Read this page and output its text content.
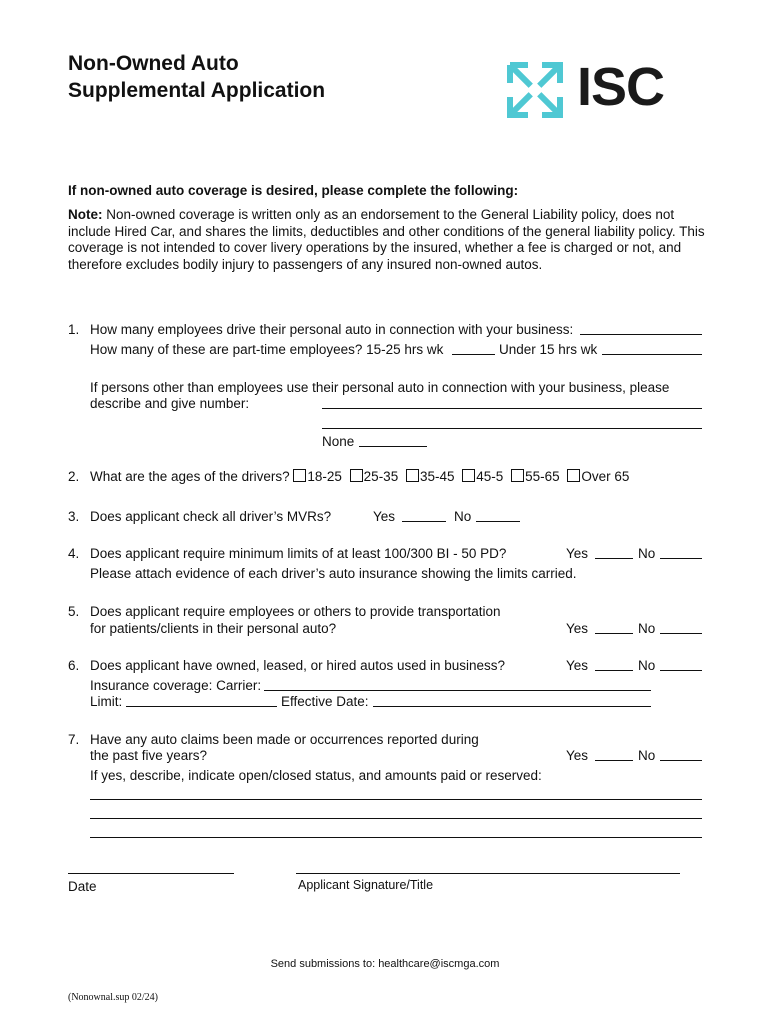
Non-Owned Auto
Supplemental Application	ISC
If non-owned auto coverage is desired, please complete the following:
Note: Non-owned coverage is written only as an endorsement to the General Liability policy, does not include Hired Car, and shares the limits, deductibles and other conditions of the general liability policy. This coverage is not intended to cover livery operations by the insured, whether a fee is charged or not, and therefore excludes bodily injury to passengers of any insured non-owned autos.
1. How many employees drive their personal auto in connection with your business:
How many of these are part-time employees? 15-25 hrs wk	Under 15 hrs wk
If persons other than employees use their personal auto in connection with your business, please
describe and give number:
None
2. What are the ages of the drivers? 18-25 25-35 35-45 45-5 55-65 Over 65
3. Does applicant check all driver’s MVRs?	Yes	No
4. Does applicant require minimum limits of at least 100/300 BI - 50 PD?	Yes	No
Please attach evidence of each driver’s auto insurance showing the limits carried.
5. Does applicant require employees or others to provide transportation
for patients/clients in their personal auto?	Yes	No
6. Does applicant have owned, leased, or hired autos used in business?	Yes	No
Insurance coverage: Carrier:
Limit:	Effective Date:
7. Have any auto claims been made or occurrences reported during
the past five years?	Yes	No
If yes, describe, indicate open/closed status, and amounts paid or reserved:
Date	Applicant Signature/Title
Send submissions to: healthcare@iscmga.com
(Nonownal.sup 02/24)
